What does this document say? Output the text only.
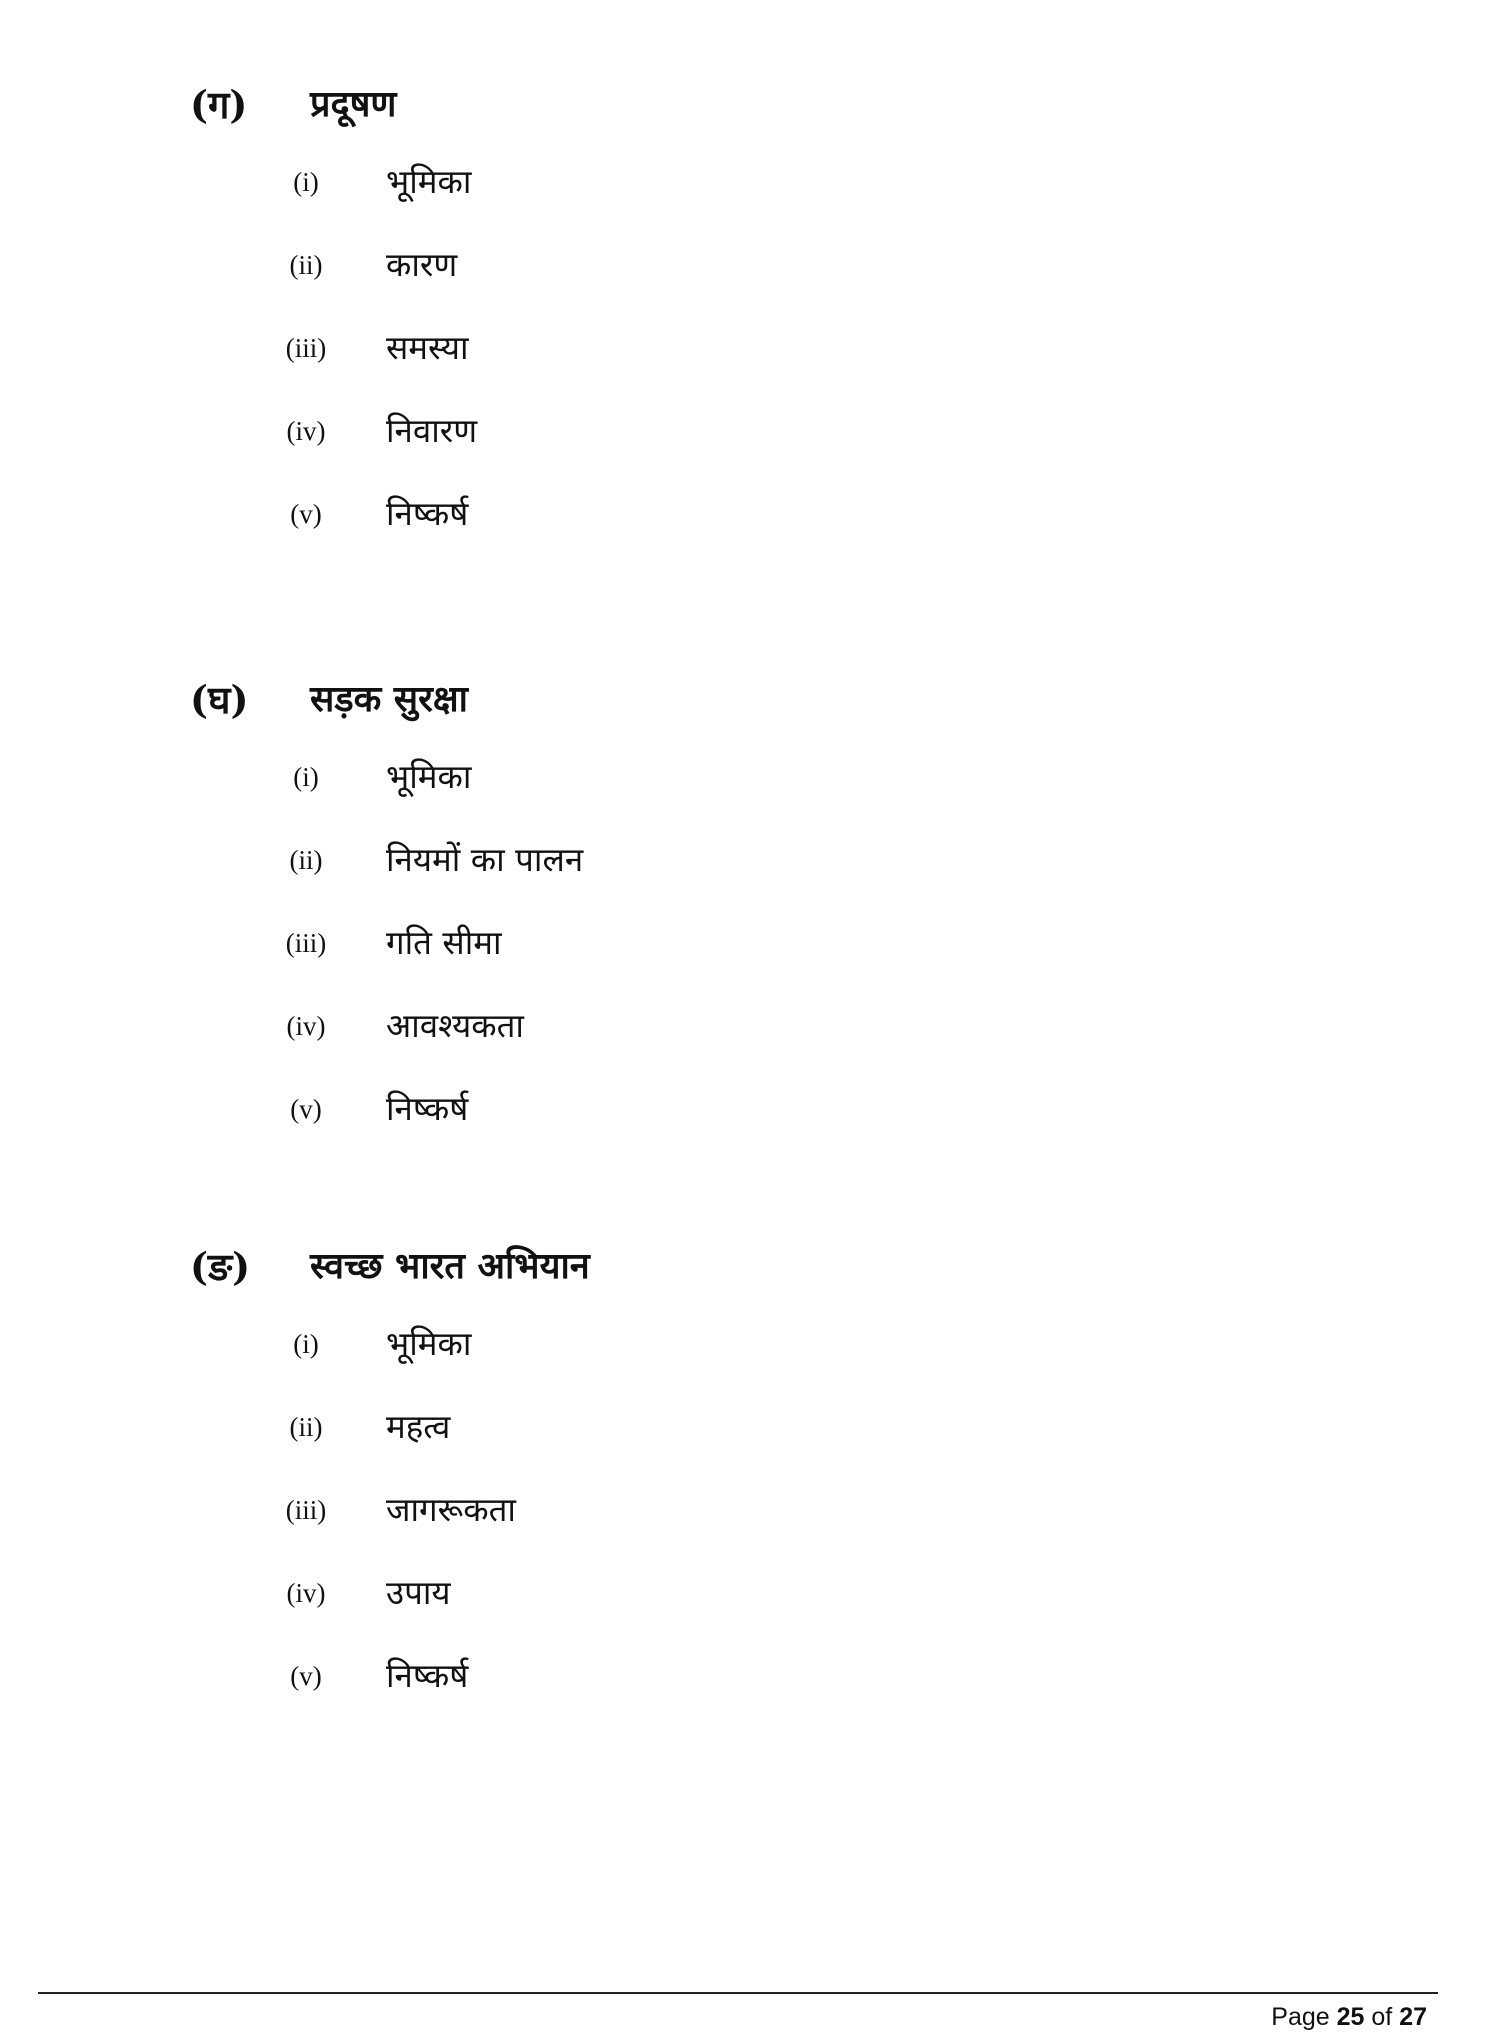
(ग) प्रदूषण
(i)	भूमिका
(ii)	कारण
(iii)	समस्या
(iv)	निवारण
(v)	निष्कर्ष
(घ) सड़क सुरक्षा
(i)	भूमिका
(ii)	नियमों का पालन
(iii)	गति सीमा
(iv)	आवश्यकता
(v)	निष्कर्ष
(ङ) स्वच्छ भारत अभियान
(i)	भूमिका
(ii)	महत्व
(iii)	जागरूकता
(iv)	उपाय
(v)	निष्कर्ष
Page 25 of 27
